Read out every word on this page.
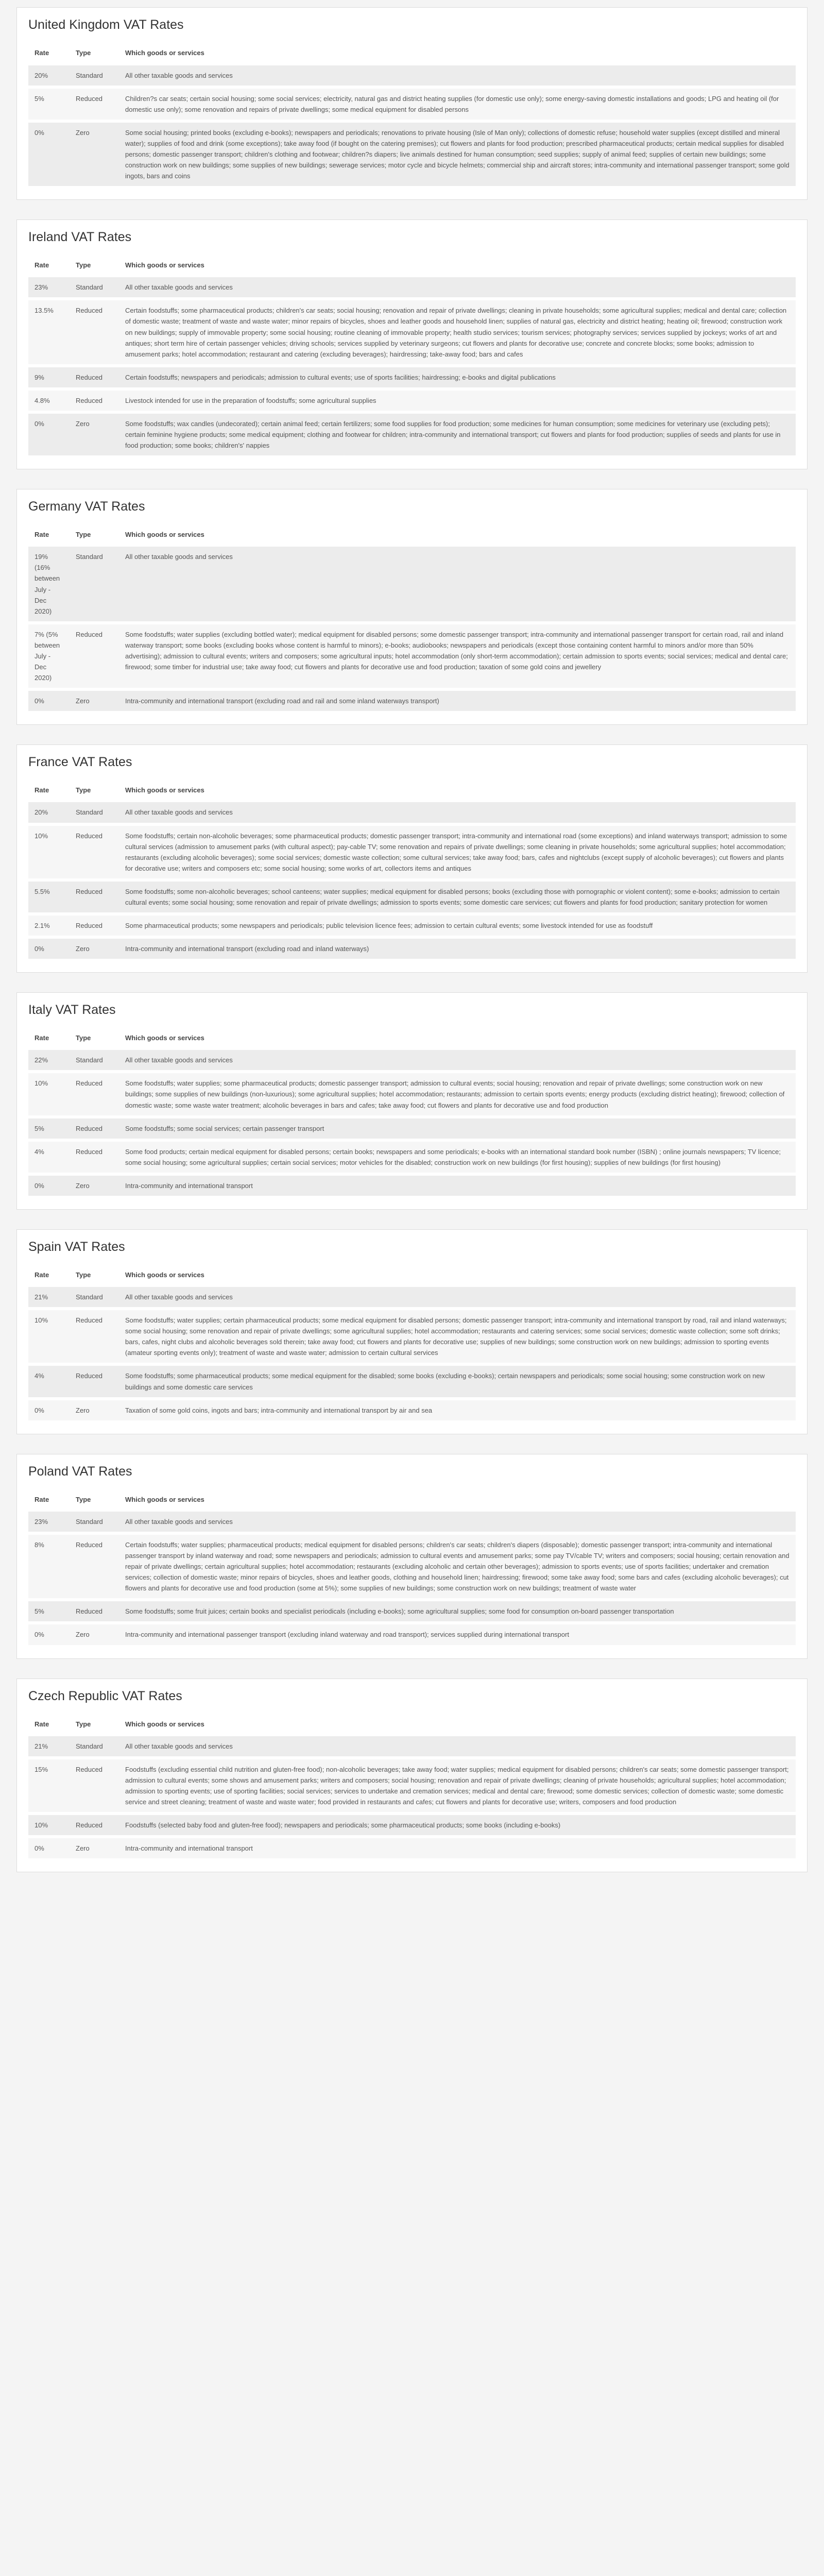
United Kingdom VAT Rates
Rate	Type	Which goods or services
20%	Standard	All other taxable goods and services
5%	Reduced	Children?s car seats; certain social housing; some social services; electricity, natural gas and district heating supplies (for domestic use only); some energy-saving domestic installations and goods; LPG and heating oil (for domestic use only); some renovation and repairs of private dwellings; some medical equipment for disabled persons
0%	Zero	Some social housing; printed books (excluding e-books); newspapers and periodicals; renovations to private housing (Isle of Man only); collections of domestic refuse; household water supplies (except distilled and mineral water); supplies of food and drink (some exceptions); take away food (if bought on the catering premises); cut flowers and plants for food production; prescribed pharmaceutical products; certain medical supplies for disabled persons; domestic passenger transport; children's clothing and footwear; children?s diapers; live animals destined for human consumption; seed supplies; supply of animal feed; supplies of certain new buildings; some construction work on new buildings; some supplies of new buildings; sewerage services; motor cycle and bicycle helmets; commercial ship and aircraft stores; intra-community and international passenger transport; some gold ingots, bars and coins
Ireland VAT Rates
Rate	Type	Which goods or services
23%	Standard	All other taxable goods and services
13.5%	Reduced	Certain foodstuffs; some pharmaceutical products; children's car seats; social housing; renovation and repair of private dwellings; cleaning in private households; some agricultural supplies; medical and dental care; collection of domestic waste; treatment of waste and waste water; minor repairs of bicycles, shoes and leather goods and household linen; supplies of natural gas, electricity and district heating; heating oil; firewood; construction work on new buildings; supply of immovable property; some social housing; routine cleaning of immovable property; health studio services; tourism services; photography services; services supplied by jockeys; works of art and antiques; short term hire of certain passenger vehicles; driving schools; services supplied by veterinary surgeons; cut flowers and plants for decorative use; concrete and concrete blocks; some books; admission to amusement parks; hotel accommodation; restaurant and catering (excluding beverages); hairdressing; take-away food; bars and cafes
9%	Reduced	Certain foodstuffs; newspapers and periodicals; admission to cultural events; use of sports facilities; hairdressing; e-books and digital publications
4.8%	Reduced	Livestock intended for use in the preparation of foodstuffs; some agricultural supplies
0%	Zero	Some foodstuffs; wax candles (undecorated); certain animal feed; certain fertilizers; some food supplies for food production; some medicines for human consumption; some medicines for veterinary use (excluding pets); certain feminine hygiene products; some medical equipment; clothing and footwear for children; intra-community and international transport; cut flowers and plants for food production; supplies of seeds and plants for use in food production; some books; children's' nappies
Germany VAT Rates
Rate	Type	Which goods or services
19% (16% between July - Dec 2020)	Standard	All other taxable goods and services
7% (5% between July - Dec 2020)	Reduced	Some foodstuffs; water supplies (excluding bottled water); medical equipment for disabled persons; some domestic passenger transport; intra-community and international passenger transport for certain road, rail and inland waterway transport; some books (excluding books whose content is harmful to minors); e-books; audiobooks; newspapers and periodicals (except those containing content harmful to minors and/or more than 50% advertising); admission to cultural events; writers and composers; some agricultural inputs; hotel accommodation (only short-term accommodation); certain admission to sports events; social services; medical and dental care; firewood; some timber for industrial use; take away food; cut flowers and plants for decorative use and food production; taxation of some gold coins and jewellery
0%	Zero	Intra-community and international transport (excluding road and rail and some inland waterways transport)
France VAT Rates
Rate	Type	Which goods or services
20%	Standard	All other taxable goods and services
10%	Reduced	Some foodstuffs; certain non-alcoholic beverages; some pharmaceutical products; domestic passenger transport; intra-community and international road (some exceptions) and inland waterways transport; admission to some cultural services (admission to amusement parks (with cultural aspect); pay-cable TV; some renovation and repairs of private dwellings; some cleaning in private households; some agricultural supplies; hotel accommodation; restaurants (excluding alcoholic beverages); some social services; domestic waste collection; some cultural services; take away food; bars, cafes and nightclubs (except supply of alcoholic beverages); cut flowers and plants for decorative use; writers and composers etc; some social housing; some works of art, collectors items and antiques
5.5%	Reduced	Some foodstuffs; some non-alcoholic beverages; school canteens; water supplies; medical equipment for disabled persons; books (excluding those with pornographic or violent content); some e-books; admission to certain cultural events; some social housing; some renovation and repair of private dwellings; admission to sports events; some domestic care services; cut flowers and plants for food production; sanitary protection for women
2.1%	Reduced	Some pharmaceutical products; some newspapers and periodicals; public television licence fees; admission to certain cultural events; some livestock intended for use as foodstuff
0%	Zero	Intra-community and international transport (excluding road and inland waterways)
Italy VAT Rates
Rate	Type	Which goods or services
22%	Standard	All other taxable goods and services
10%	Reduced	Some foodstuffs; water supplies; some pharmaceutical products; domestic passenger transport; admission to cultural events; social housing; renovation and repair of private dwellings; some construction work on new buildings; some supplies of new buildings (non-luxurious); some agricultural supplies; hotel accommodation; restaurants; admission to certain sports events; energy products (excluding district heating); firewood; collection of domestic waste; some waste water treatment; alcoholic beverages in bars and cafes; take away food; cut flowers and plants for decorative use and food production
5%	Reduced	Some foodstuffs; some social services; certain passenger transport
4%	Reduced	Some food products; certain medical equipment for disabled persons; certain books; newspapers and some periodicals; e-books with an international standard book number (ISBN) ; online journals newspapers; TV licence; some social housing; some agricultural supplies; certain social services; motor vehicles for the disabled; construction work on new buildings (for first housing); supplies of new buildings (for first housing)
0%	Zero	Intra-community and international transport
Spain VAT Rates
Rate	Type	Which goods or services
21%	Standard	All other taxable goods and services
10%	Reduced	Some foodstuffs; water supplies; certain pharmaceutical products; some medical equipment for disabled persons; domestic passenger transport; intra-community and international transport by road, rail and inland waterways; some social housing; some renovation and repair of private dwellings; some agricultural supplies; hotel accommodation; restaurants and catering services; some social services; domestic waste collection; some soft drinks; bars, cafes, night clubs and alcoholic beverages sold therein; take away food; cut flowers and plants for decorative use; supplies of new buildings; some construction work on new buildings; admission to sporting events (amateur sporting events only); treatment of waste and waste water; admission to certain cultural services
4%	Reduced	Some foodstuffs; some pharmaceutical products; some medical equipment for the disabled; some books (excluding e-books); certain newspapers and periodicals; some social housing; some construction work on new buildings and some domestic care services
0%	Zero	Taxation of some gold coins, ingots and bars; intra-community and international transport by air and sea
Poland VAT Rates
Rate	Type	Which goods or services
23%	Standard	All other taxable goods and services
8%	Reduced	Certain foodstuffs; water supplies; pharmaceutical products; medical equipment for disabled persons; children's car seats; children's diapers (disposable); domestic passenger transport; intra-community and international passenger transport by inland waterway and road; some newspapers and periodicals; admission to cultural events and amusement parks; some pay TV/cable TV; writers and composers; social housing; certain renovation and repair of private dwellings; certain agricultural supplies; hotel accommodation; restaurants (excluding alcoholic and certain other beverages); admission to sports events; use of sports facilities; undertaker and cremation services; collection of domestic waste; minor repairs of bicycles, shoes and leather goods, clothing and household linen; hairdressing; firewood; some take away food; some bars and cafes (excluding alcoholic beverages); cut flowers and plants for decorative use and food production (some at 5%); some supplies of new buildings; some construction work on new buildings; treatment of waste water
5%	Reduced	Some foodstuffs; some fruit juices; certain books and specialist periodicals (including e-books); some agricultural supplies; some food for consumption on-board passenger transportation
0%	Zero	Intra-community and international passenger transport (excluding inland waterway and road transport); services supplied during international transport
Czech Republic VAT Rates
Rate	Type	Which goods or services
21%	Standard	All other taxable goods and services
15%	Reduced	Foodstuffs (excluding essential child nutrition and gluten-free food); non-alcoholic beverages; take away food; water supplies; medical equipment for disabled persons; children's car seats; some domestic passenger transport; admission to cultural events; some shows and amusement parks; writers and composers; social housing; renovation and repair of private dwellings; cleaning of private households; agricultural supplies; hotel accommodation; admission to sporting events; use of sporting facilities; social services; services to undertake and cremation services; medical and dental care; firewood; some domestic services; collection of domestic waste; some domestic service and street cleaning; treatment of waste and waste water; food provided in restaurants and cafes; cut flowers and plants for decorative use; writers, composers and food production
10%	Reduced	Foodstuffs (selected baby food and gluten-free food); newspapers and periodicals; some pharmaceutical products; some books (including e-books)
0%	Zero	Intra-community and international transport
